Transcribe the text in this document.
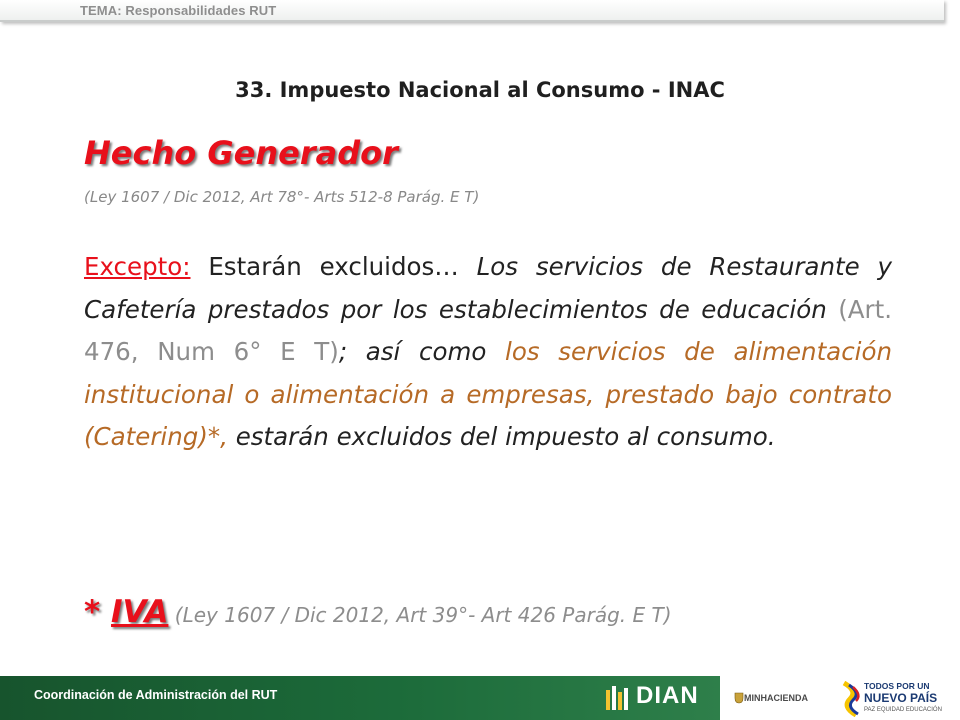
TEMA: Responsabilidades RUT
33. Impuesto Nacional al Consumo - INAC
Hecho Generador
(Ley 1607 / Dic 2012, Art 78°- Arts 512-8 Parág. E T)

Excepto: Estarán excluidos… Los servicios de Restaurante y Cafetería prestados por los establecimientos de educación (Art. 476, Num 6° E T); así como los servicios de alimentación institucional o alimentación a empresas, prestado bajo contrato (Catering)*, estarán excluidos del impuesto al consumo.

* IVA (Ley 1607 / Dic 2012, Art 39°- Art 426 Parág. E T)
Coordinación de Administración del RUT	DIAN	MINHACIENDA
TODOS POR UN
NUEVO PAÍS
PAZ EQUIDAD EDUCACIÓN
